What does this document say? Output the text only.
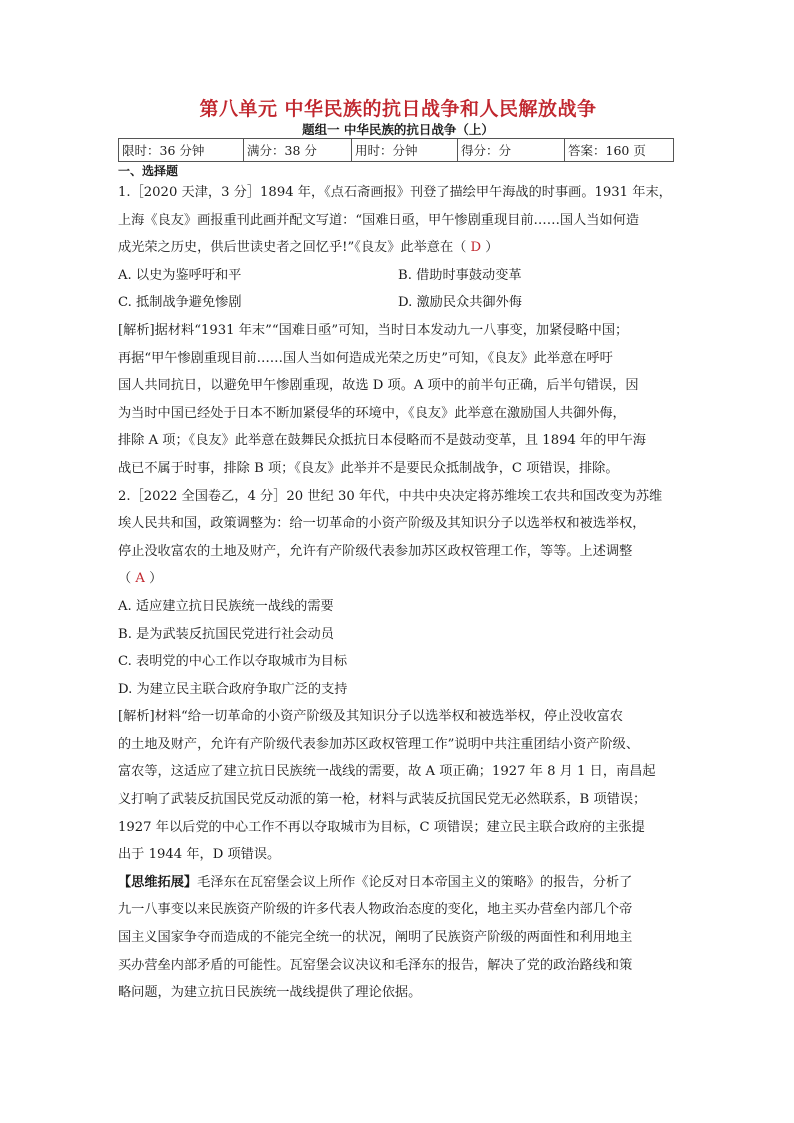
第八单元 中华民族的抗日战争和人民解放战争
题组一 中华民族的抗日战争（上）
限时：36 分钟	满分：38 分	用时：分钟	得分：分	答案：160 页
一、选择题

1.［2020 天津，3 分］1894 年，《点石斋画报》刊登了描绘甲午海战的时事画。1931 年末，

上海《良友》画报重刊此画并配文写道：“国难日亟，甲午惨剧重现目前……国人当如何造

成光荣之历史，供后世读史者之回忆乎!”《良友》此举意在（ D ）

A. 以史为鉴呼吁和平	B. 借助时事鼓动变革
C. 抵制战争避免惨剧	D. 激励民众共御外侮

[解析]据材料“1931 年末”“国难日亟”可知，当时日本发动九一八事变，加紧侵略中国；

再据“甲午惨剧重现目前……国人当如何造成光荣之历史”可知，《良友》此举意在呼吁

国人共同抗日，以避免甲午惨剧重现，故选 D 项。A 项中的前半句正确，后半句错误，因

为当时中国已经处于日本不断加紧侵华的环境中，《良友》此举意在激励国人共御外侮，

排除 A 项；《良友》此举意在鼓舞民众抵抗日本侵略而不是鼓动变革，且 1894 年的甲午海

战已不属于时事，排除 B 项；《良友》此举并不是要民众抵制战争，C 项错误，排除。

2.［2022 全国卷乙，4 分］20 世纪 30 年代，中共中央决定将苏维埃工农共和国改变为苏维

埃人民共和国，政策调整为：给一切革命的小资产阶级及其知识分子以选举权和被选举权，

停止没收富农的土地及财产，允许有产阶级代表参加苏区政权管理工作，等等。上述调整

（ A ）

A. 适应建立抗日民族统一战线的需要
B. 是为武装反抗国民党进行社会动员
C. 表明党的中心工作以夺取城市为目标
D. 为建立民主联合政府争取广泛的支持

[解析]材料“给一切革命的小资产阶级及其知识分子以选举权和被选举权，停止没收富农

的土地及财产，允许有产阶级代表参加苏区政权管理工作”说明中共注重团结小资产阶级、

富农等，这适应了建立抗日民族统一战线的需要，故 A 项正确；1927 年 8 月 1 日，南昌起

义打响了武装反抗国民党反动派的第一枪，材料与武装反抗国民党无必然联系，B 项错误；

1927 年以后党的中心工作不再以夺取城市为目标，C 项错误；建立民主联合政府的主张提

出于 1944 年，D 项错误。

【思维拓展】毛泽东在瓦窑堡会议上所作《论反对日本帝国主义的策略》的报告，分析了

九一八事变以来民族资产阶级的许多代表人物政治态度的变化，地主买办营垒内部几个帝

国主义国家争夺而造成的不能完全统一的状况，阐明了民族资产阶级的两面性和利用地主

买办营垒内部矛盾的可能性。瓦窑堡会议决议和毛泽东的报告，解决了党的政治路线和策

略问题，为建立抗日民族统一战线提供了理论依据。
